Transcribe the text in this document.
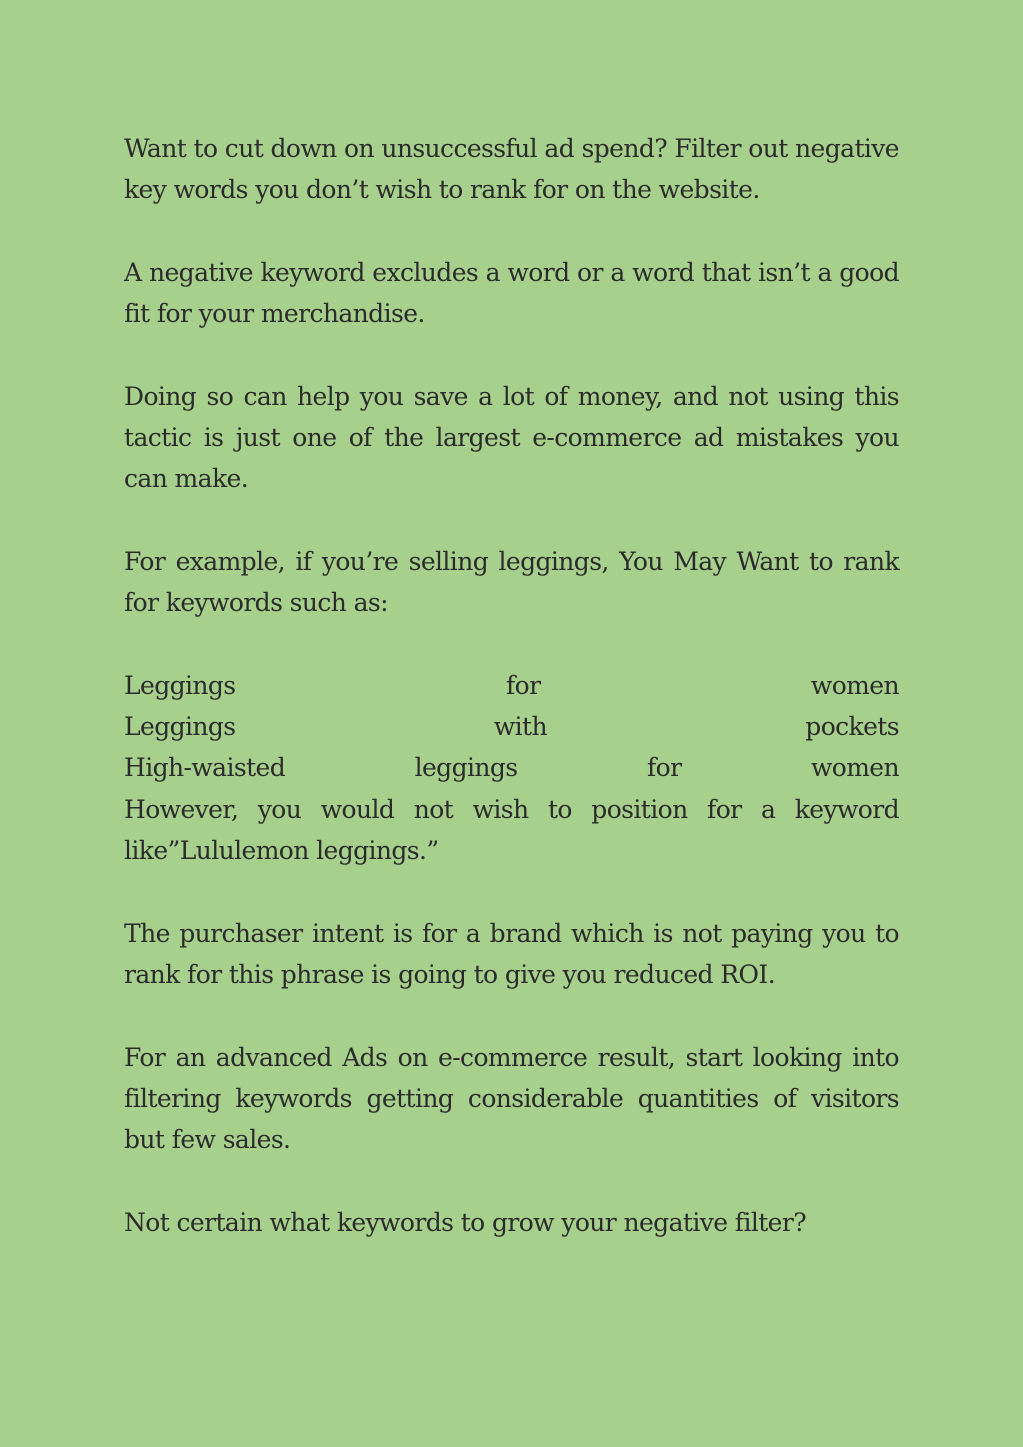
Want to cut down on unsuccessful ad spend? Filter out negative key words you don’t wish to rank for on the website.

A negative keyword excludes a word or a word that isn’t a good fit for your merchandise.

Doing so can help you save a lot of money, and not using this tactic is just one of the largest e-commerce ad mistakes you can make.

For example, if you’re selling leggings, You May Want to rank for keywords such as:

Leggings	for	women
Leggings	with	pockets
High-waisted	leggings	for	women
However, you would not wish to position for a keyword like”Lululemon leggings.”

The purchaser intent is for a brand which is not paying you to rank for this phrase is going to give you reduced ROI.

For an advanced Ads on e-commerce result, start looking into filtering keywords getting considerable quantities of visitors but few sales.

Not certain what keywords to grow your negative filter?
